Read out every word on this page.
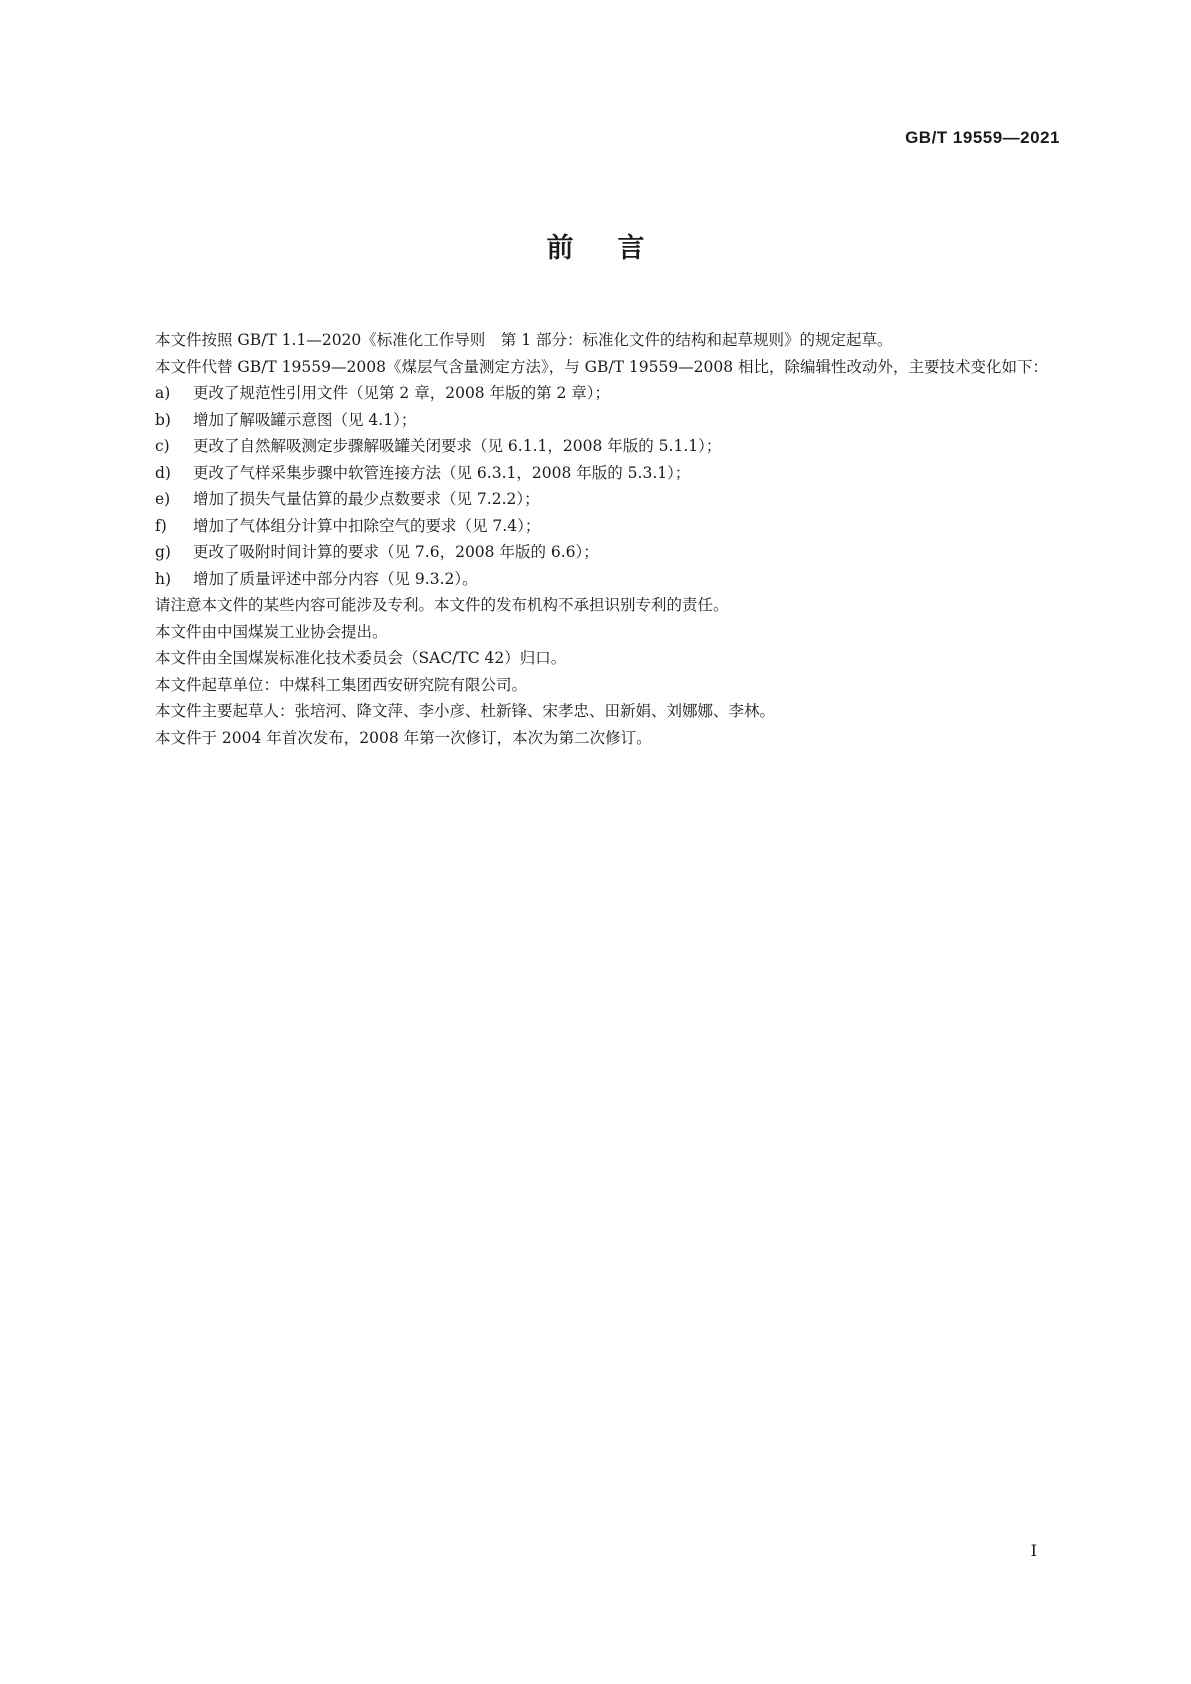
GB/T 19559—2021
前言

本文件按照 GB/T 1.1—2020《标准化工作导则　第 1 部分：标准化文件的结构和起草规则》的规定起草。

本文件代替 GB/T 19559—2008《煤层气含量测定方法》，与 GB/T 19559—2008 相比，除编辑性改动外，主要技术变化如下：

a) 更改了规范性引用文件（见第 2 章，2008 年版的第 2 章）；

b) 增加了解吸罐示意图（见 4.1）；

c) 更改了自然解吸测定步骤解吸罐关闭要求（见 6.1.1，2008 年版的 5.1.1）；

d) 更改了气样采集步骤中软管连接方法（见 6.3.1，2008 年版的 5.3.1）；

e) 增加了损失气量估算的最少点数要求（见 7.2.2）；

f) 增加了气体组分计算中扣除空气的要求（见 7.4）；

g) 更改了吸附时间计算的要求（见 7.6，2008 年版的 6.6）；

h) 增加了质量评述中部分内容（见 9.3.2）。

请注意本文件的某些内容可能涉及专利。本文件的发布机构不承担识别专利的责任。

本文件由中国煤炭工业协会提出。

本文件由全国煤炭标准化技术委员会（SAC/TC 42）归口。

本文件起草单位：中煤科工集团西安研究院有限公司。

本文件主要起草人：张培河、降文萍、李小彦、杜新锋、宋孝忠、田新娟、刘娜娜、李林。

本文件于 2004 年首次发布，2008 年第一次修订，本次为第二次修订。

I
